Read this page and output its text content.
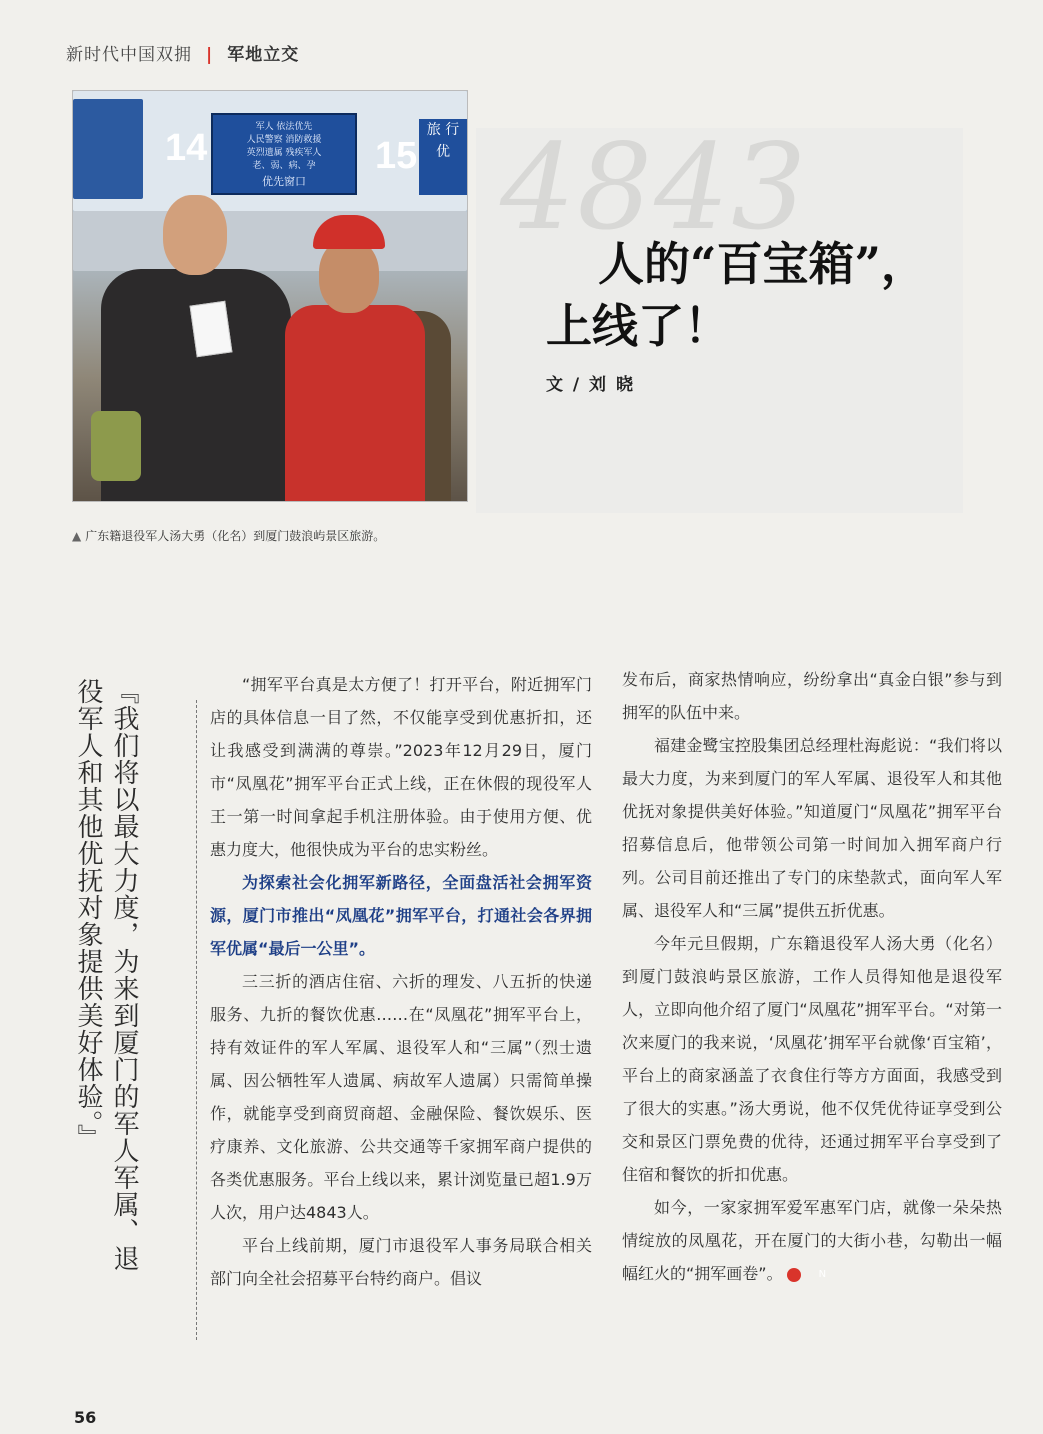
新时代中国双拥 | 军地立交
14	军人 依法优先
人民警察 消防救援
英烈遗属 残疾军人
老、弱、病、孕
优先窗口
15
旅 行 优 4843
人的“百宝箱”，
上线了！
文 / 刘 晓
▲ 广东籍退役军人汤大勇（化名）到厦门鼓浪屿景区旅游。
『我们将以最大力度，为来到厦门的军人军属、退役军人和其他优抚对象提供美好体验。』	“拥军平台真是太方便了！打开平台，附近拥军门店的具体信息一目了然，不仅能享受到优惠折扣，还让我感受到满满的尊崇。”2023年12月29日，厦门市“凤凰花”拥军平台正式上线，正在休假的现役军人王一第一时间拿起手机注册体验。由于使用方便、优惠力度大，他很快成为平台的忠实粉丝。

为探索社会化拥军新路径，全面盘活社会拥军资源，厦门市推出“凤凰花”拥军平台，打通社会各界拥军优属“最后一公里”。

三三折的酒店住宿、六折的理发、八五折的快递服务、九折的餐饮优惠……在“凤凰花”拥军平台上，持有效证件的军人军属、退役军人和“三属”（烈士遗属、因公牺牲军人遗属、病故军人遗属）只需简单操作，就能享受到商贸商超、金融保险、餐饮娱乐、医疗康养、文化旅游、公共交通等千家拥军商户提供的各类优惠服务。平台上线以来，累计浏览量已超1.9万人次，用户达4843人。

平台上线前期，厦门市退役军人事务局联合相关部门向全社会招募平台特约商户。倡议

发布后，商家热情响应，纷纷拿出“真金白银”参与到拥军的队伍中来。

福建金鹭宝控股集团总经理杜海彪说：“我们将以最大力度，为来到厦门的军人军属、退役军人和其他优抚对象提供美好体验。”知道厦门“凤凰花”拥军平台招募信息后，他带领公司第一时间加入拥军商户行列。公司目前还推出了专门的床垫款式，面向军人军属、退役军人和“三属”提供五折优惠。

今年元旦假期，广东籍退役军人汤大勇（化名）到厦门鼓浪屿景区旅游，工作人员得知他是退役军人，立即向他介绍了厦门“凤凰花”拥军平台。“对第一次来厦门的我来说，‘凤凰花’拥军平台就像‘百宝箱’，平台上的商家涵盖了衣食住行等方方面面，我感受到了很大的实惠。”汤大勇说，他不仅凭优待证享受到公交和景区门票免费的优待，还通过拥军平台享受到了住宿和餐饮的折扣优惠。

如今，一家家拥军爱军惠军门店，就像一朵朵热情绽放的凤凰花，开在厦门的大街小巷，勾勒出一幅幅红火的“拥军画卷”。	N

56
